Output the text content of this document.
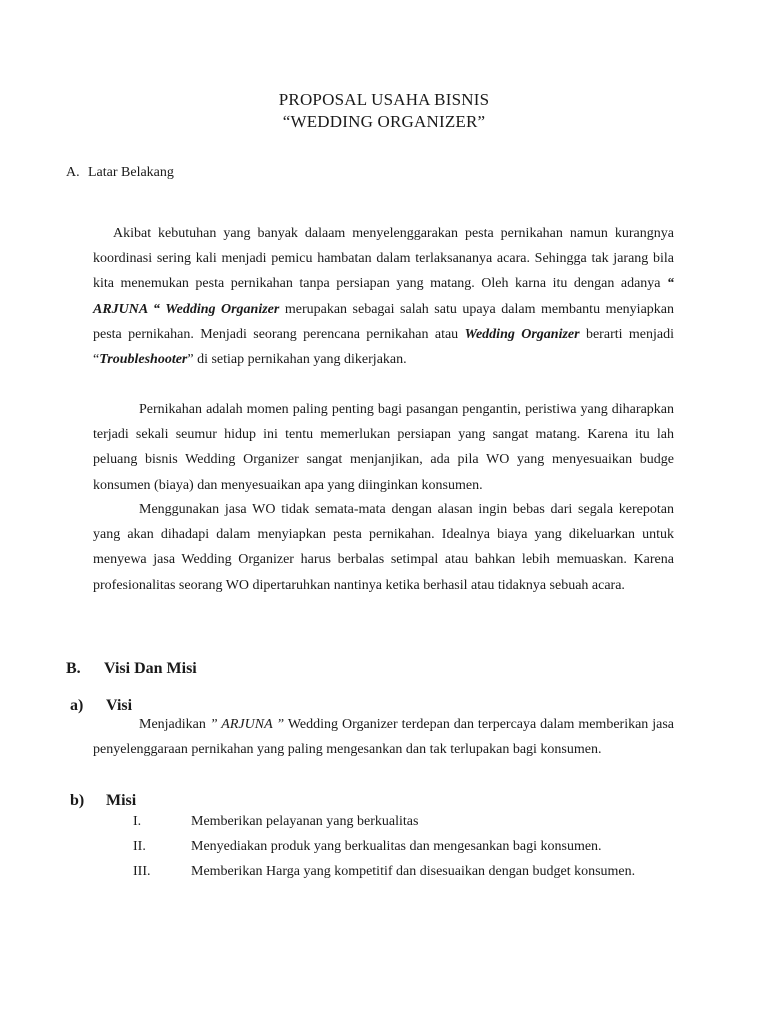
PROPOSAL USAHA BISNIS
“WEDDING ORGANIZER”
A. Latar Belakang
Akibat kebutuhan yang banyak dalaam menyelenggarakan pesta pernikahan namun kurangnya koordinasi sering kali menjadi pemicu hambatan dalam terlaksananya acara. Sehingga tak jarang bila kita menemukan pesta pernikahan tanpa persiapan yang matang. Oleh karna itu dengan adanya “ ARJUNA “ Wedding Organizer merupakan sebagai salah satu upaya dalam membantu menyiapkan pesta pernikahan. Menjadi seorang perencana pernikahan atau Wedding Organizer berarti menjadi “Troubleshooter” di setiap pernikahan yang dikerjakan.
Pernikahan adalah momen paling penting bagi pasangan pengantin, peristiwa yang diharapkan terjadi sekali seumur hidup ini tentu memerlukan persiapan yang sangat matang. Karena itu lah peluang bisnis Wedding Organizer sangat menjanjikan, ada pila WO yang menyesuaikan budge konsumen (biaya) dan menyesuaikan apa yang diinginkan konsumen.
Menggunakan jasa WO tidak semata-mata dengan alasan ingin bebas dari segala kerepotan yang akan dihadapi dalam menyiapkan pesta pernikahan. Idealnya biaya yang dikeluarkan untuk menyewa jasa Wedding Organizer harus berbalas setimpal atau bahkan lebih memuaskan. Karena profesionalitas seorang WO dipertaruhkan nantinya ketika berhasil atau tidaknya sebuah acara.
B. Visi Dan Misi
a) Visi
Menjadikan ” ARJUNA ” Wedding Organizer terdepan dan terpercaya dalam memberikan jasa penyelenggaraan pernikahan yang paling mengesankan dan tak terlupakan bagi konsumen.
b) Misi
I.	Memberikan pelayanan yang berkualitas
II.	Menyediakan produk yang berkualitas dan mengesankan bagi konsumen.
III.	Memberikan Harga yang kompetitif dan disesuaikan dengan budget konsumen.
